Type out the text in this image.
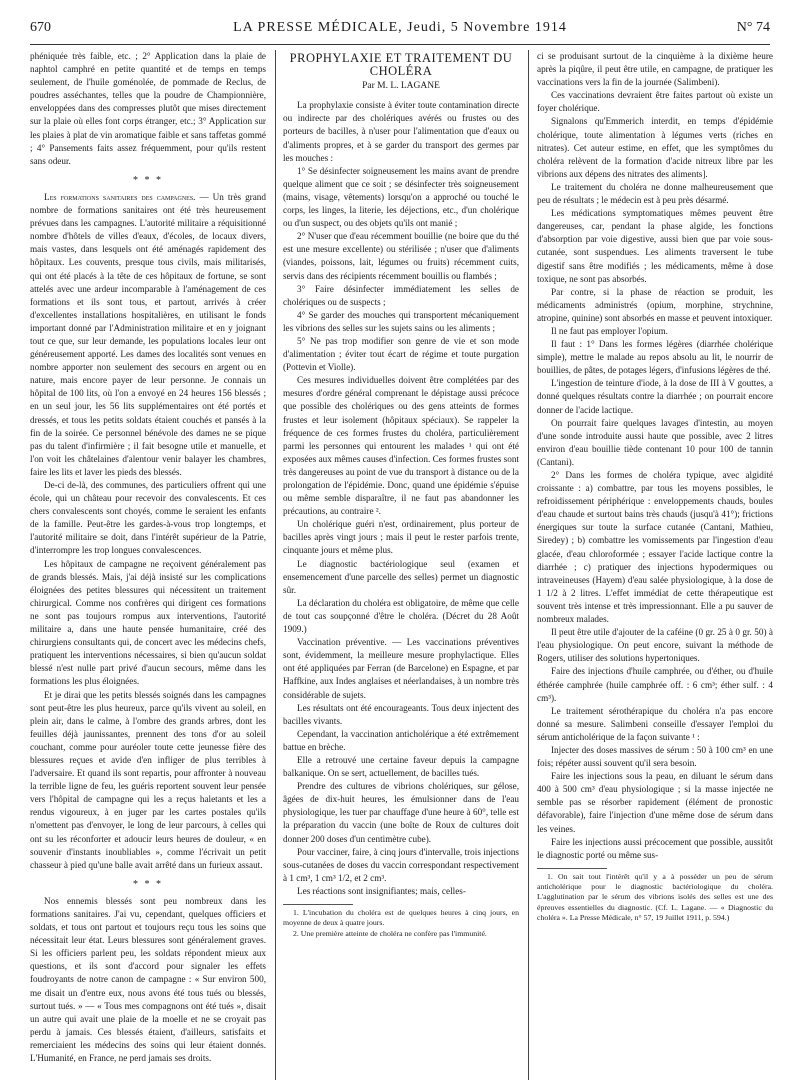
670	LA PRESSE MÉDICALE, Jeudi, 5 Novembre 1914	N° 74

phéniquée très faible, etc. ; 2° Application dans la plaie de naphtol camphré en petite quantité et de temps en temps seulement, de l'huile goménolée, de pommade de Reclus, de poudres asséchantes, telles que la poudre de Championnière, enveloppées dans des compresses plutôt que mises directement sur la plaie où elles font corps étranger, etc.; 3° Application sur les plaies à plat de vin aromatique faible et sans taffetas gommé ; 4° Pansements faits assez fréquemment, pour qu'ils restent sans odeur.

* * *

Les formations sanitaires des campagnes. — Un très grand nombre de formations sanitaires ont été très heureusement prévues dans les campagnes. L'autorité militaire a réquisitionné nombre d'hôtels de villes d'eaux, d'écoles, de locaux divers, mais vastes, dans lesquels ont été aménagés rapidement des hôpitaux. Les couvents, presque tous civils, mais militarisés, qui ont été placés à la tête de ces hôpitaux de fortune, se sont attelés avec une ardeur incomparable à l'aménagement de ces formations et ils sont tous, et partout, arrivés à créer d'excellentes installations hospitalières, en utilisant le fonds important donné par l'Administration militaire et en y joignant tout ce que, sur leur demande, les populations locales leur ont généreusement apporté. Les dames des localités sont venues en nombre apporter non seulement des secours en argent ou en nature, mais encore payer de leur personne. Je connais un hôpital de 100 lits, où l'on a envoyé en 24 heures 156 blessés ; en un seul jour, les 56 lits supplémentaires ont été portés et dressés, et tous les petits soldats étaient couchés et pansés à la fin de la soirée. Ce personnel bénévole des dames ne se pique pas du talent d'infirmière ; il fait besogne utile et manuelle, et l'on voit les châtelaines d'alentour venir balayer les chambres, faire les lits et laver les pieds des blessés.

De-ci de-là, des communes, des particuliers offrent qui une école, qui un château pour recevoir des convalescents. Et ces chers convalescents sont choyés, comme le seraient les enfants de la famille. Peut-être les gardes-à-vous trop longtemps, et l'autorité militaire se doit, dans l'intérêt supérieur de la Patrie, d'interrompre les trop longues convalescences.

Les hôpitaux de campagne ne reçoivent généralement pas de grands blessés. Mais, j'ai déjà insisté sur les complications éloignées des petites blessures qui nécessitent un traitement chirurgical. Comme nos confrères qui dirigent ces formations ne sont pas toujours rompus aux interventions, l'autorité militaire a, dans une haute pensée humanitaire, créé des chirurgiens consultants qui, de concert avec les médecins chefs, pratiquent les interventions nécessaires, si bien qu'aucun soldat blessé n'est nulle part privé d'aucun secours, même dans les formations les plus éloignées.

Et je dirai que les petits blessés soignés dans les campagnes sont peut-être les plus heureux, parce qu'ils vivent au soleil, en plein air, dans le calme, à l'ombre des grands arbres, dont les feuilles déjà jaunissantes, prennent des tons d'or au soleil couchant, comme pour auréoler toute cette jeunesse fière des blessures reçues et avide d'en infliger de plus terribles à l'adversaire. Et quand ils sont repartis, pour affronter à nouveau la terrible ligne de feu, les guéris reportent souvent leur pensée vers l'hôpital de campagne qui les a reçus haletants et les a rendus vigoureux, à en juger par les cartes postales qu'ils n'omettent pas d'envoyer, le long de leur parcours, à celles qui ont su les réconforter et adoucir leurs heures de douleur, « en souvenir d'instants inoubliables », comme l'écrivait un petit chasseur à pied qu'une balle avait arrêté dans un furieux assaut.

* * *

Nos ennemis blessés sont peu nombreux dans les formations sanitaires. J'ai vu, cependant, quelques officiers et soldats, et tous ont partout et toujours reçu tous les soins que nécessitait leur état. Leurs blessures sont généralement graves. Si les officiers parlent peu, les soldats répondent mieux aux questions, et ils sont d'accord pour signaler les effets foudroyants de notre canon de campagne : « Sur environ 500, me disait un d'entre eux, nous avons été tous tués ou blessés, surtout tués. » — « Tous mes compagnons ont été tués », disait un autre qui avait une plaie de la moelle et ne se croyait pas perdu à jamais. Ces blessés étaient, d'ailleurs, satisfaits et remerciaient les médecins des soins qui leur étaient donnés. L'Humanité, en France, ne perd jamais ses droits.

PROPHYLAXIE ET TRAITEMENT DU CHOLÉRA
Par M. L. LAGANE

La prophylaxie consiste à éviter toute contamination directe ou indirecte par des cholériques avérés ou frustes ou des porteurs de bacilles, à n'user pour l'alimentation que d'eaux ou d'aliments propres, et à se garder du transport des germes par les mouches :

1° Se désinfecter soigneusement les mains avant de prendre quelque aliment que ce soit ; se désinfecter très soigneusement (mains, visage, vêtements) lorsqu'on a approché ou touché le corps, les linges, la literie, les déjections, etc., d'un cholérique ou d'un suspect, ou des objets qu'ils ont manié ;

2° N'user que d'eau récemment bouillie (ne boire que du thé est une mesure excellente) ou stérilisée ; n'user que d'aliments (viandes, poissons, lait, légumes ou fruits) récemment cuits, servis dans des récipients récemment bouillis ou flambés ;

3° Faire désinfecter immédiatement les selles de cholériques ou de suspects ;

4° Se garder des mouches qui transportent mécaniquement les vibrions des selles sur les sujets sains ou les aliments ;

5° Ne pas trop modifier son genre de vie et son mode d'alimentation ; éviter tout écart de régime et toute purgation (Pottevin et Violle).

Ces mesures individuelles doivent être complétées par des mesures d'ordre général comprenant le dépistage aussi précoce que possible des cholériques ou des gens atteints de formes frustes et leur isolement (hôpitaux spéciaux). Se rappeler la fréquence de ces formes frustes du choléra, particulièrement parmi les personnes qui entourent les malades ¹ qui ont été exposées aux mêmes causes d'infection. Ces formes frustes sont très dangereuses au point de vue du transport à distance ou de la prolongation de l'épidémie. Donc, quand une épidémie s'épuise ou même semble disparaître, il ne faut pas abandonner les précautions, au contraire ².

Un cholérique guéri n'est, ordinairement, plus porteur de bacilles après vingt jours ; mais il peut le rester parfois trente, cinquante jours et même plus.

Le diagnostic bactériologique seul (examen et ensemencement d'une parcelle des selles) permet un diagnostic sûr.

La déclaration du choléra est obligatoire, de même que celle de tout cas soupçonné d'être le choléra. (Décret du 28 Août 1909.)

Vaccination préventive. — Les vaccinations préventives sont, évidemment, la meilleure mesure prophylactique. Elles ont été appliquées par Ferran (de Barcelone) en Espagne, et par Haffkine, aux Indes anglaises et néerlandaises, à un nombre très considérable de sujets.

Les résultats ont été encourageants. Tous deux injectent des bacilles vivants.

Cependant, la vaccination anticholérique a été extrêmement battue en brèche.

Elle a retrouvé une certaine faveur depuis la campagne balkanique. On se sert, actuellement, de bacilles tués.

Prendre des cultures de vibrions cholériques, sur gélose, âgées de dix-huit heures, les émulsionner dans de l'eau physiologique, les tuer par chauffage d'une heure à 60°, telle est la préparation du vaccin (une boîte de Roux de cultures doit donner 200 doses d'un centimètre cube).

Pour vacciner, faire, à cinq jours d'intervalle, trois injections sous-cutanées de doses du vaccin correspondant respectivement à 1 cm³, 1 cm³ 1/2, et 2 cm³.

Les réactions sont insignifiantes; mais, celles-

1. L'incubation du choléra est de quelques heures à cinq jours, en moyenne de deux à quatre jours.

2. Une première atteinte de choléra ne confère pas l'immunité.

ci se produisant surtout de la cinquième à la dixième heure après la piqûre, il peut être utile, en campagne, de pratiquer les vaccinations vers la fin de la journée (Salimbeni).

Ces vaccinations devraient être faites partout où existe un foyer cholérique.

Signalons qu'Emmerich interdit, en temps d'épidémie cholérique, toute alimentation à légumes verts (riches en nitrates). Cet auteur estime, en effet, que les symptômes du choléra relèvent de la formation d'acide nitreux libre par les vibrions aux dépens des nitrates des aliments].

Le traitement du choléra ne donne malheureusement que peu de résultats ; le médecin est à peu près désarmé.

Les médications symptomatiques mêmes peuvent être dangereuses, car, pendant la phase algide, les fonctions d'absorption par voie digestive, aussi bien que par voie sous-cutanée, sont suspendues. Les aliments traversent le tube digestif sans être modifiés ; les médicaments, même à dose toxique, ne sont pas absorbés.

Par contre, si la phase de réaction se produit, les médicaments administrés (opium, morphine, strychnine, atropine, quinine) sont absorbés en masse et peuvent intoxiquer.

Il ne faut pas employer l'opium.

Il faut : 1° Dans les formes légères (diarrhée cholérique simple), mettre le malade au repos absolu au lit, le nourrir de bouillies, de pâtes, de potages légers, d'infusions légères de thé.

L'ingestion de teinture d'iode, à la dose de III à V gouttes, a donné quelques résultats contre la diarrhée ; on pourrait encore donner de l'acide lactique.

On pourrait faire quelques lavages d'intestin, au moyen d'une sonde introduite aussi haute que possible, avec 2 litres environ d'eau bouillie tiède contenant 10 pour 100 de tannin (Cantani).

2° Dans les formes de choléra typique, avec algidité croissante : a) combattre, par tous les moyens possibles, le refroidissement périphérique : enveloppements chauds, boules d'eau chaude et surtout bains très chauds (jusqu'à 41°); frictions énergiques sur toute la surface cutanée (Cantani, Mathieu, Siredey) ; b) combattre les vomissements par l'ingestion d'eau glacée, d'eau chloroformée ; essayer l'acide lactique contre la diarrhée ; c) pratiquer des injections hypodermiques ou intraveineuses (Hayem) d'eau salée physiologique, à la dose de 1 1/2 à 2 litres. L'effet immédiat de cette thérapeutique est souvent très intense et très impressionnant. Elle a pu sauver de nombreux malades.

Il peut être utile d'ajouter de la caféine (0 gr. 25 à 0 gr. 50) à l'eau physiologique. On peut encore, suivant la méthode de Rogers, utiliser des solutions hypertoniques.

Faire des injections d'huile camphrée, ou d'éther, ou d'huile éthérée camphrée (huile camphrée off. : 6 cm³; éther sulf. : 4 cm³).

Le traitement sérothérapique du choléra n'a pas encore donné sa mesure. Salimbeni conseille d'essayer l'emploi du sérum anticholérique de la façon suivante ¹ :

Injecter des doses massives de sérum : 50 à 100 cm³ en une fois; répéter aussi souvent qu'il sera besoin.

Faire les injections sous la peau, en diluant le sérum dans 400 à 500 cm³ d'eau physiologique ; si la masse injectée ne semble pas se résorber rapidement (élément de pronostic défavorable), faire l'injection d'une même dose de sérum dans les veines.

Faire les injections aussi précocement que possible, aussitôt le diagnostic porté ou même sus-

1. On sait tout l'intérêt qu'il y a à posséder un peu de sérum anticholérique pour le diagnostic bactériologique du choléra. L'agglutination par le sérum des vibrions isolés des selles est une des épreuves essentielles du diagnostic. (Cf. L. Lagane. — « Diagnostic du choléra ». La Presse Médicale, n° 57, 19 Juillet 1911, p. 594.)
